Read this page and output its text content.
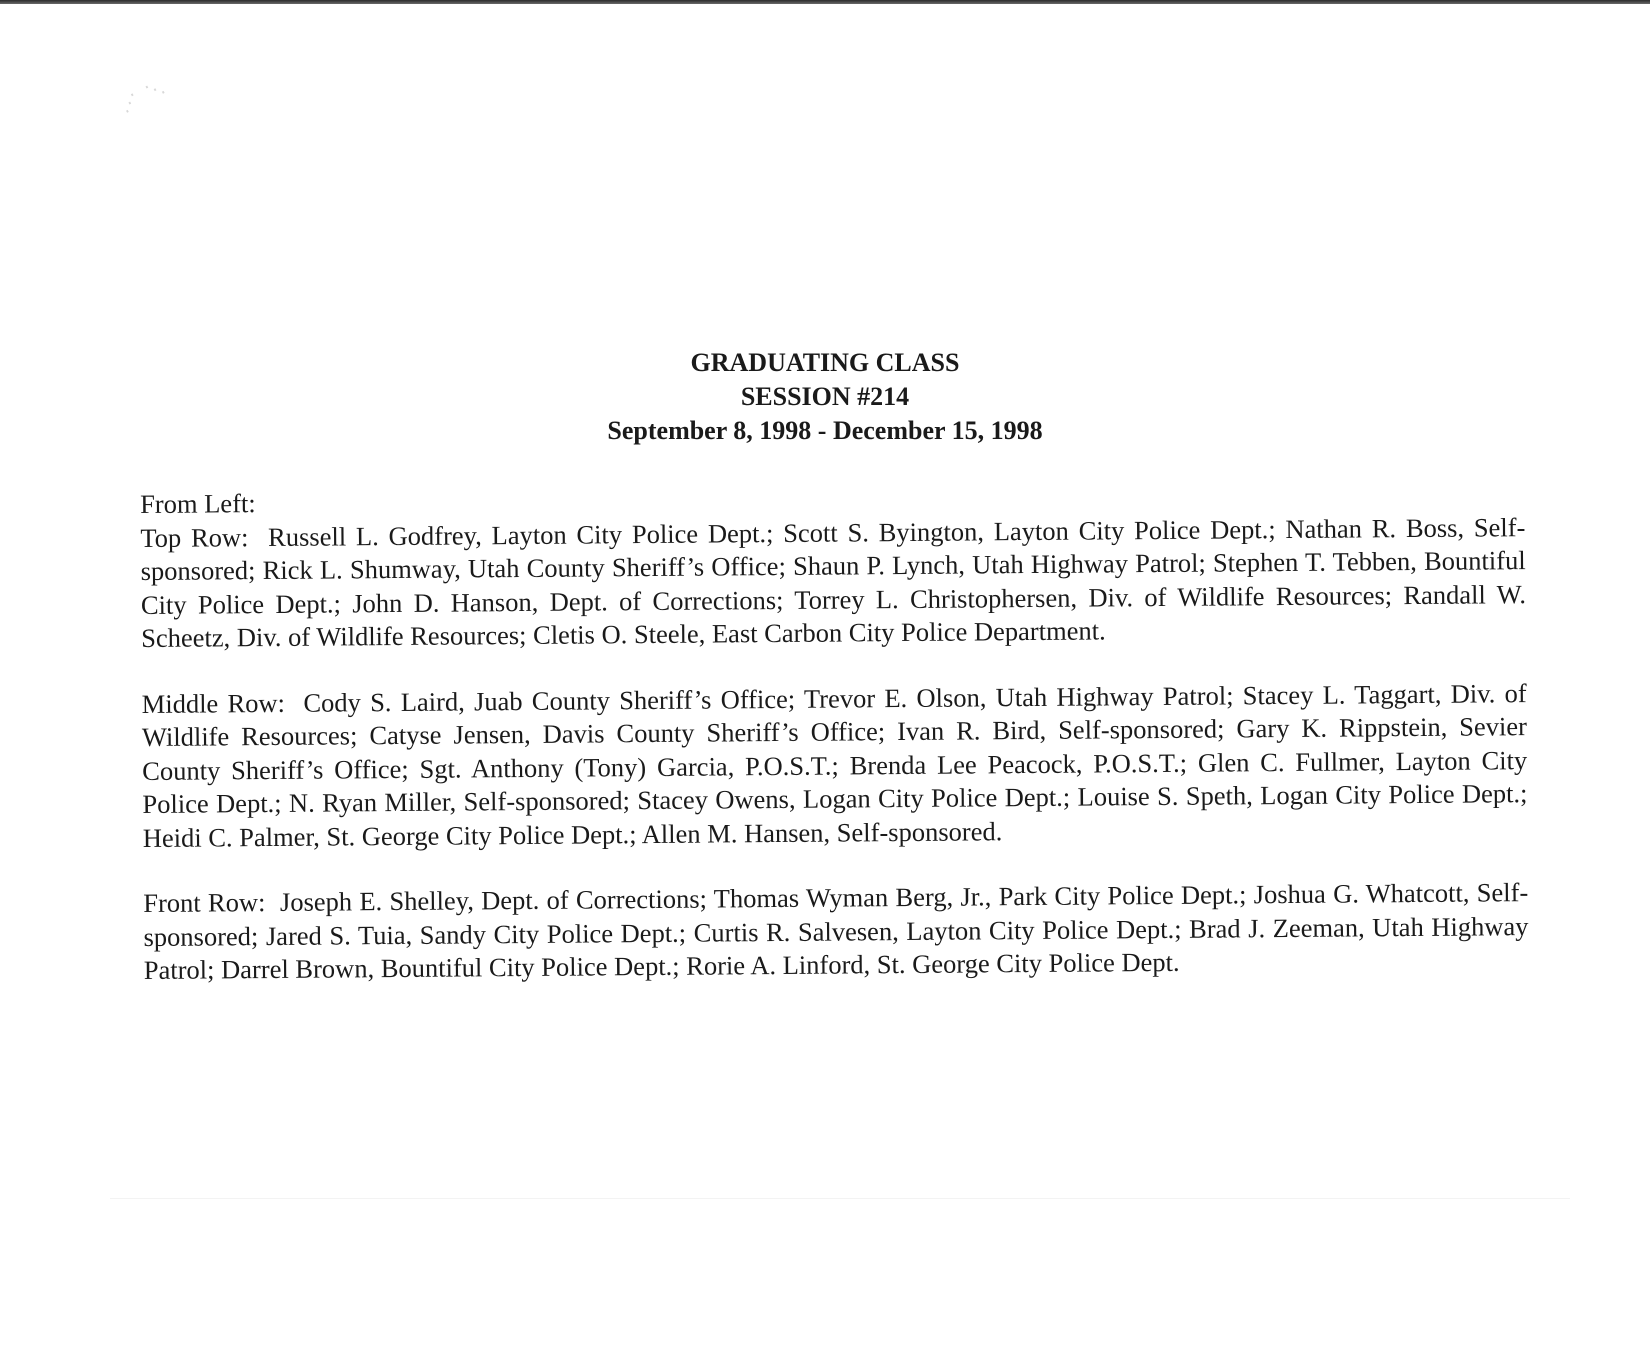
⋰ ⋱
GRADUATING CLASS
SESSION #214
September 8, 1998 - December 15, 1998

From Left:

Top Row: Russell L. Godfrey, Layton City Police Dept.; Scott S. Byington, Layton City Police Dept.; Nathan R. Boss, Self-sponsored; Rick L. Shumway, Utah County Sheriff’s Office; Shaun P. Lynch, Utah Highway Patrol; Stephen T. Tebben, Bountiful City Police Dept.; John D. Hanson, Dept. of Corrections; Torrey L. Christophersen, Div. of Wildlife Resources; Randall W. Scheetz, Div. of Wildlife Resources; Cletis O. Steele, East Carbon City Police Department.

Middle Row: Cody S. Laird, Juab County Sheriff’s Office; Trevor E. Olson, Utah Highway Patrol; Stacey L. Taggart, Div. of Wildlife Resources; Catyse Jensen, Davis County Sheriff’s Office; Ivan R. Bird, Self-sponsored; Gary K. Rippstein, Sevier County Sheriff’s Office; Sgt. Anthony (Tony) Garcia, P.O.S.T.; Brenda Lee Peacock, P.O.S.T.; Glen C. Fullmer, Layton City Police Dept.; N. Ryan Miller, Self-sponsored; Stacey Owens, Logan City Police Dept.; Louise S. Speth, Logan City Police Dept.; Heidi C. Palmer, St. George City Police Dept.; Allen M. Hansen, Self-sponsored.

Front Row: Joseph E. Shelley, Dept. of Corrections; Thomas Wyman Berg, Jr., Park City Police Dept.; Joshua G. Whatcott, Self-sponsored; Jared S. Tuia, Sandy City Police Dept.; Curtis R. Salvesen, Layton City Police Dept.; Brad J. Zeeman, Utah Highway Patrol; Darrel Brown, Bountiful City Police Dept.; Rorie A. Linford, St. George City Police Dept.
